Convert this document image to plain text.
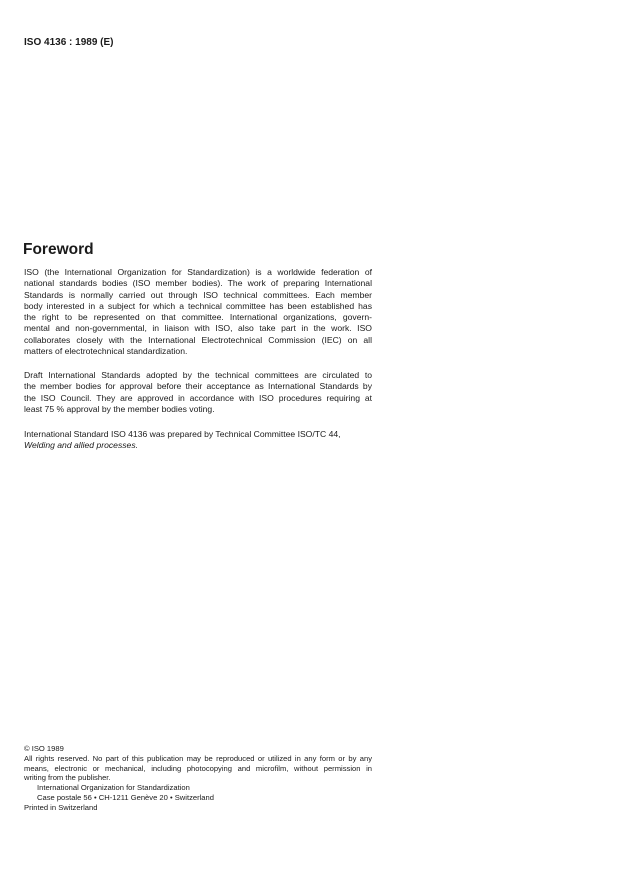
ISO 4136 : 1989 (E)
Foreword
ISO (the International Organization for Standardization) is a worldwide federation of
national standards bodies (ISO member bodies). The work of preparing International
Standards is normally carried out through ISO technical committees. Each member
body interested in a subject for which a technical committee has been established has
the right to be represented on that committee. International organizations, govern-
mental and non-governmental, in liaison with ISO, also take part in the work. ISO
collaborates closely with the International Electrotechnical Commission (IEC) on all
matters of electrotechnical standardization.
Draft International Standards adopted by the technical committees are circulated to
the member bodies for approval before their acceptance as International Standards by
the ISO Council. They are approved in accordance with ISO procedures requiring at
least 75 % approval by the member bodies voting.
International Standard ISO 4136 was prepared by Technical Committee ISO/TC 44,
Welding and allied processes.
© ISO 1989
All rights reserved. No part of this publication may be reproduced or utilized in any form or by any
means, electronic or mechanical, including photocopying and microfilm, without permission in
writing from the publisher.
International Organization for Standardization
Case postale 56 • CH-1211 Genève 20 • Switzerland
Printed in Switzerland
